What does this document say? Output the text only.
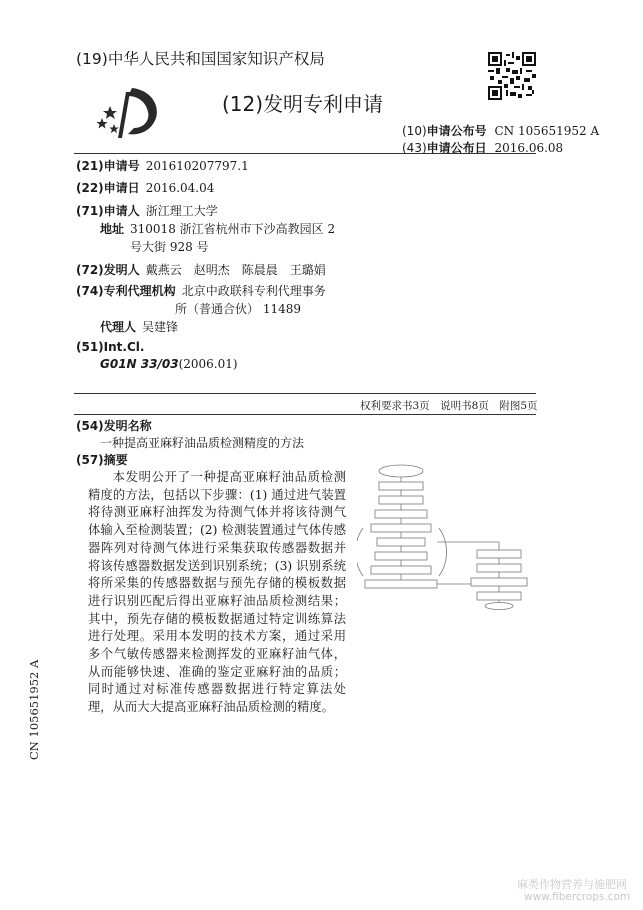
(19)中华人民共和国国家知识产权局
(12)发明专利申请
(10)申请公布号 CN 105651952 A
(43)申请公布日 2016.06.08
(21)申请号 201610207797.1
(22)申请日 2016.04.04
(71)申请人 浙江理工大学
地址 310018 浙江省杭州市下沙高教园区 2
号大街 928 号
(72)发明人 戴燕云　赵明杰　陈晨晨　王璐娟
(74)专利代理机构 北京中政联科专利代理事务
所（普通合伙） 11489
代理人 吴建锋
(51)Int.Cl.
G01N 33/03(2006.01)
权利要求书3页　说明书8页　附图5页
(54)发明名称
一种提高亚麻籽油品质检测精度的方法
(57)摘要
本发明公开了一种提高亚麻籽油品质检测精度的方法，包括以下步骤：(1) 通过进气装置将待测亚麻籽油挥发为待测气体并将该待测气体输入至检测装置；(2) 检测装置通过气体传感器阵列对待测气体进行采集获取传感器数据并将该传感器数据发送到识别系统；(3) 识别系统将所采集的传感器数据与预先存储的模板数据进行识别匹配后得出亚麻籽油品质检测结果；其中，预先存储的模板数据通过特定训练算法进行处理。采用本发明的技术方案，通过采用多个气敏传感器来检测挥发的亚麻籽油气体，从而能够快速、准确的鉴定亚麻籽油的品质；同时通过对标准传感器数据进行特定算法处理，从而大大提高亚麻籽油品质检测的精度。
CN 105651952 A
麻类作物营养与施肥网
www.fibercrops.com
